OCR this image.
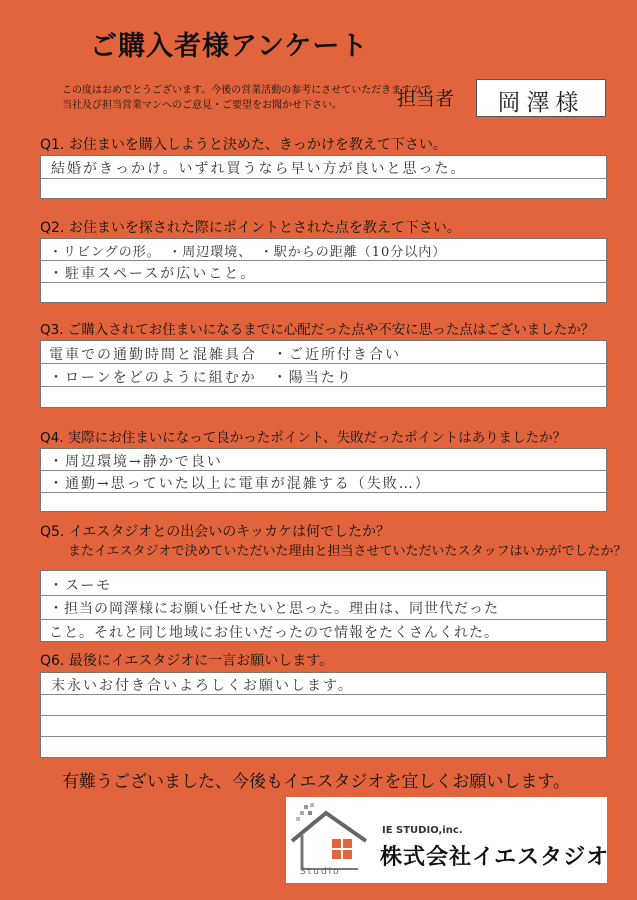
ご購入者様アンケート
この度はおめでとうございます。今後の営業活動の参考にさせていただきますので
当社及び担当営業マンへのご意見・ご要望をお聞かせ下さい。	担当者	岡澤様
Q1. お住まいを購入しようと決めた、きっかけを教えて下さい。
結婚がきっかけ。いずれ買うなら早い方が良いと思った。
Q2. お住まいを探された際にポイントとされた点を教えて下さい。
・リビングの形。　・周辺環境、　・駅からの距離（10分以内）
・駐車スペースが広いこと。
Q3. ご購入されてお住まいになるまでに心配だった点や不安に思った点はございましたか？
電車での通勤時間と混雑具合　・ご近所付き合い
・ローンをどのように組むか　・陽当たり
Q4. 実際にお住まいになって良かったポイント、失敗だったポイントはありましたか？
・周辺環境→静かで良い
・通勤→思っていた以上に電車が混雑する（失敗…）
Q5. イエスタジオとの出会いのキッカケは何でしたか？
またイエスタジオで決めていただいた理由と担当させていただいたスタッフはいかがでしたか？
・スーモ
・担当の岡澤様にお願い任せたいと思った。理由は、同世代だった
こと。それと同じ地域にお住いだったので情報をたくさんくれた。
Q6. 最後にイエスタジオに一言お願いします。
末永いお付き合いよろしくお願いします。
有難うございました、今後もイエスタジオを宜しくお願いします。
Studio
IE STUDIO,inc.
株式会社イエスタジオ
